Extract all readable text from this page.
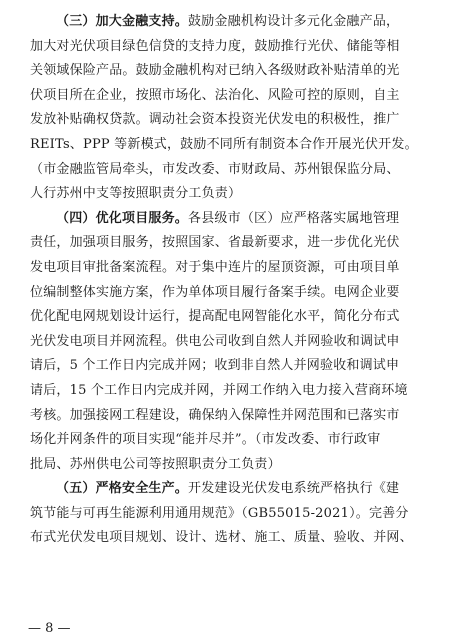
（三）加大金融支持。鼓励金融机构设计多元化金融产品，
加大对光伏项目绿色信贷的支持力度，鼓励推行光伏、储能等相
关领域保险产品。鼓励金融机构对已纳入各级财政补贴清单的光
伏项目所在企业，按照市场化、法治化、风险可控的原则，自主
发放补贴确权贷款。调动社会资本投资光伏发电的积极性，推广
REITs、PPP 等新模式，鼓励不同所有制资本合作开展光伏开发。
（市金融监管局牵头，市发改委、市财政局、苏州银保监分局、
人行苏州中支等按照职责分工负责）
（四）优化项目服务。各县级市（区）应严格落实属地管理
责任，加强项目服务，按照国家、省最新要求，进一步优化光伏
发电项目审批备案流程。对于集中连片的屋顶资源，可由项目单
位编制整体实施方案，作为单体项目履行备案手续。电网企业要
优化配电网规划设计运行，提高配电网智能化水平，简化分布式
光伏发电项目并网流程。供电公司收到自然人并网验收和调试申
请后，5 个工作日内完成并网；收到非自然人并网验收和调试申
请后，15 个工作日内完成并网，并网工作纳入电力接入营商环境
考核。加强接网工程建设，确保纳入保障性并网范围和已落实市
场化并网条件的项目实现“能并尽并”。（市发改委、市行政审
批局、苏州供电公司等按照职责分工负责）
（五）严格安全生产。开发建设光伏发电系统严格执行《建
筑节能与可再生能源利用通用规范》（GB55015-2021）。完善分
布式光伏发电项目规划、设计、选材、施工、质量、验收、并网、
— 8 —
